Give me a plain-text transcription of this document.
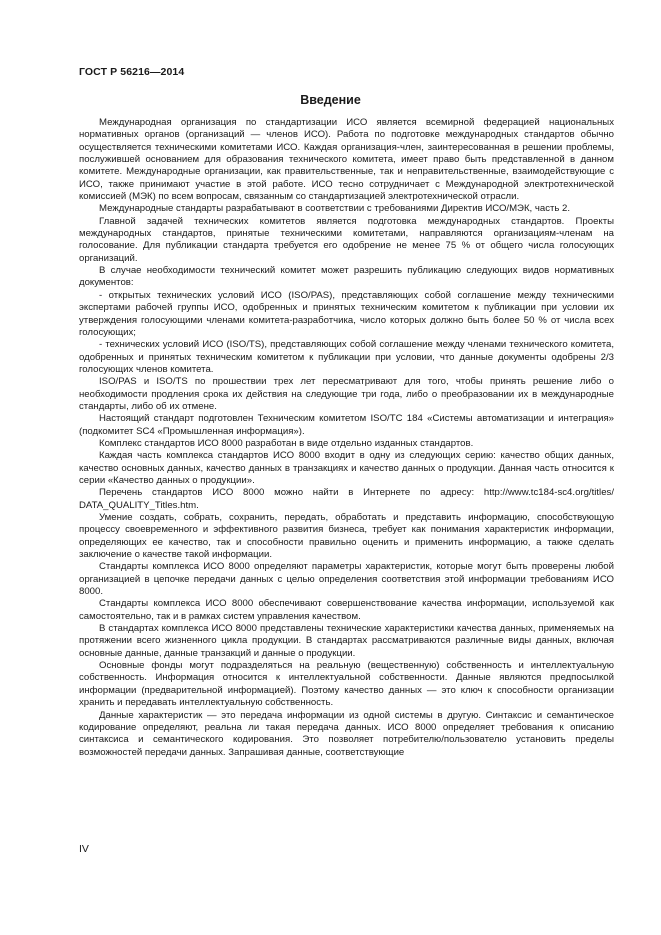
ГОСТ Р 56216—2014
Введение

Международная организация по стандартизации ИСО является всемирной федерацией национальных нормативных органов (организаций — членов ИСО). Работа по подготовке международных стандартов обычно осуществляется техническими комитетами ИСО. Каждая организация-член, заинтересованная в решении проблемы, послужившей основанием для образования технического комитета, имеет право быть представленной в данном комитете. Международные организации, как правительственные, так и неправительственные, взаимодействующие с ИСО, также принимают участие в этой работе. ИСО тесно сотрудничает с Международной электротехнической комиссией (МЭК) по всем вопросам, связанным со стандартизацией электротехнической отрасли.

Международные стандарты разрабатывают в соответствии с требованиями Директив ИСО/МЭК, часть 2.

Главной задачей технических комитетов является подготовка международных стандартов. Проекты международных стандартов, принятые техническими комитетами, направляются организациям-членам на голосование. Для публикации стандарта требуется его одобрение не менее 75 % от общего числа голосующих организаций.

В случае необходимости технический комитет может разрешить публикацию следующих видов нормативных документов:

- открытых технических условий ИСО (ISO/PAS), представляющих собой соглашение между техническими экспертами рабочей группы ИСО, одобренных и принятых техническим комитетом к публикации при условии их утверждения голосующими членами комитета-разработчика, число которых должно быть более 50 % от числа всех голосующих;

- технических условий ИСО (ISO/TS), представляющих собой соглашение между членами технического комитета, одобренных и принятых техническим комитетом к публикации при условии, что данные документы одобрены 2/3 голосующих членов комитета.

ISO/PAS и ISO/TS по прошествии трех лет пересматривают для того, чтобы принять решение либо о необходимости продления срока их действия на следующие три года, либо о преобразовании их в международные стандарты, либо об их отмене.

Настоящий стандарт подготовлен Техническим комитетом ISO/TC 184 «Системы автоматизации и интеграция» (подкомитет SC4 «Промышленная информация»).

Комплекс стандартов ИСО 8000 разработан в виде отдельно изданных стандартов.

Каждая часть комплекса стандартов ИСО 8000 входит в одну из следующих серию: качество общих данных, качество основных данных, качество данных в транзакциях и качество данных о продукции. Данная часть относится к серии «Качество данных о продукции».

Перечень стандартов ИСО 8000 можно найти в Интернете по адресу: http://www.tc184-sc4.org/titles/ DATA_QUALITY_Titles.htm.

Умение создать, собрать, сохранить, передать, обработать и представить информацию, способствующую процессу своевременного и эффективного развития бизнеса, требует как понимания характеристик информации, определяющих ее качество, так и способности правильно оценить и применить информацию, а также сделать заключение о качестве такой информации.

Стандарты комплекса ИСО 8000 определяют параметры характеристик, которые могут быть проверены любой организацией в цепочке передачи данных с целью определения соответствия этой информации требованиям ИСО 8000.

Стандарты комплекса ИСО 8000 обеспечивают совершенствование качества информации, используемой как самостоятельно, так и в рамках систем управления качеством.

В стандартах комплекса ИСО 8000 представлены технические характеристики качества данных, применяемых на протяжении всего жизненного цикла продукции. В стандартах рассматриваются различные виды данных, включая основные данные, данные транзакций и данные о продукции.

Основные фонды могут подразделяться на реальную (вещественную) собственность и интеллектуальную собственность. Информация относится к интеллектуальной собственности. Данные являются предпосылкой информации (предварительной информацией). Поэтому качество данных — это ключ к способности организации хранить и передавать интеллектуальную собственность.

Данные характеристик — это передача информации из одной системы в другую. Синтаксис и семантическое кодирование определяют, реальна ли такая передача данных. ИСО 8000 определяет требования к описанию синтаксиса и семантического кодирования. Это позволяет потребителю/пользователю установить пределы возможностей передачи данных. Запрашивая данные, соответствующие

IV
